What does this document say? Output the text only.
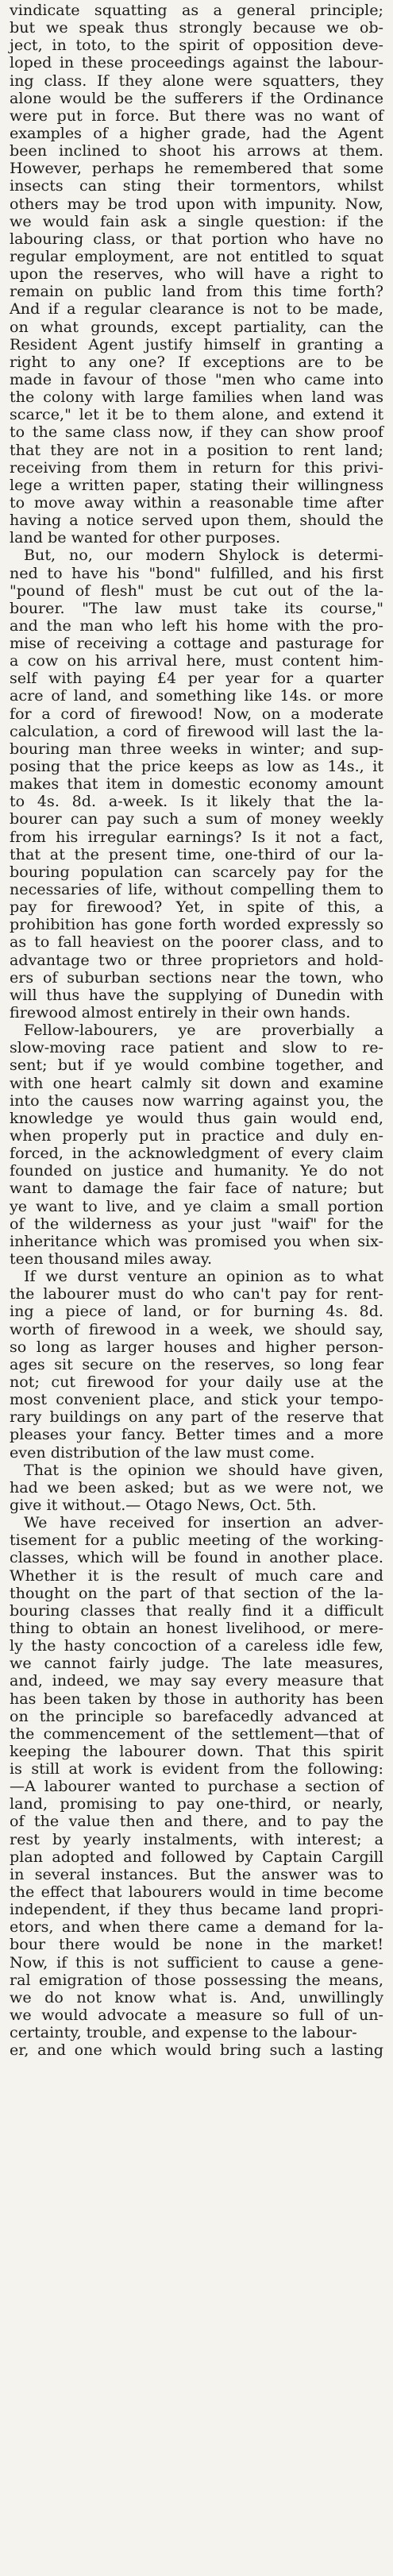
vindicate squatting as a general principle;
but we speak thus strongly because we ob-
ject, in toto, to the spirit of opposition deve-
loped in these proceedings against the labour-
ing class. If they alone were squatters, they
alone would be the sufferers if the Ordinance
were put in force. But there was no want of
examples of a higher grade, had the Agent
been inclined to shoot his arrows at them.
However, perhaps he remembered that some
insects can sting their tormentors, whilst
others may be trod upon with impunity. Now,
we would fain ask a single question: if the
labouring class, or that portion who have no
regular employment, are not entitled to squat
upon the reserves, who will have a right to
remain on public land from this time forth?
And if a regular clearance is not to be made,
on what grounds, except partiality, can the
Resident Agent justify himself in granting a
right to any one? If exceptions are to be
made in favour of those "men who came into
the colony with large families when land was
scarce," let it be to them alone, and extend it
to the same class now, if they can show proof
that they are not in a position to rent land;
receiving from them in return for this privi-
lege a written paper, stating their willingness
to move away within a reasonable time after
having a notice served upon them, should the
land be wanted for other purposes.
But, no, our modern Shylock is determi-
ned to have his "bond" fulfilled, and his first
"pound of flesh" must be cut out of the la-
bourer. "The law must take its course,"
and the man who left his home with the pro-
mise of receiving a cottage and pasturage for
a cow on his arrival here, must content him-
self with paying £4 per year for a quarter
acre of land, and something like 14s. or more
for a cord of firewood! Now, on a moderate
calculation, a cord of firewood will last the la-
bouring man three weeks in winter; and sup-
posing that the price keeps as low as 14s., it
makes that item in domestic economy amount
to 4s. 8d. a-week. Is it likely that the la-
bourer can pay such a sum of money weekly
from his irregular earnings? Is it not a fact,
that at the present time, one-third of our la-
bouring population can scarcely pay for the
necessaries of life, without compelling them to
pay for firewood? Yet, in spite of this, a
prohibition has gone forth worded expressly so
as to fall heaviest on the poorer class, and to
advantage two or three proprietors and hold-
ers of suburban sections near the town, who
will thus have the supplying of Dunedin with
firewood almost entirely in their own hands.
Fellow-labourers, ye are proverbially a
slow-moving race patient and slow to re-
sent; but if ye would combine together, and
with one heart calmly sit down and examine
into the causes now warring against you, the
knowledge ye would thus gain would end,
when properly put in practice and duly en-
forced, in the acknowledgment of every claim
founded on justice and humanity. Ye do not
want to damage the fair face of nature; but
ye want to live, and ye claim a small portion
of the wilderness as your just "waif" for the
inheritance which was promised you when six-
teen thousand miles away.
If we durst venture an opinion as to what
the labourer must do who can't pay for rent-
ing a piece of land, or for burning 4s. 8d.
worth of firewood in a week, we should say,
so long as larger houses and higher person-
ages sit secure on the reserves, so long fear
not; cut firewood for your daily use at the
most convenient place, and stick your tempo-
rary buildings on any part of the reserve that
pleases your fancy. Better times and a more
even distribution of the law must come.
That is the opinion we should have given,
had we been asked; but as we were not, we
give it without.— Otago News, Oct. 5th.
We have received for insertion an adver-
tisement for a public meeting of the working-
classes, which will be found in another place.
Whether it is the result of much care and
thought on the part of that section of the la-
bouring classes that really find it a difficult
thing to obtain an honest livelihood, or mere-
ly the hasty concoction of a careless idle few,
we cannot fairly judge. The late measures,
and, indeed, we may say every measure that
has been taken by those in authority has been
on the principle so barefacedly advanced at
the commencement of the settlement—that of
keeping the labourer down. That this spirit
is still at work is evident from the following:
—A labourer wanted to purchase a section of
land, promising to pay one-third, or nearly,
of the value then and there, and to pay the
rest by yearly instalments, with interest; a
plan adopted and followed by Captain Cargill
in several instances. But the answer was to
the effect that labourers would in time become
independent, if they thus became land propri-
etors, and when there came a demand for la-
bour there would be none in the market!
Now, if this is not sufficient to cause a gene-
ral emigration of those possessing the means,
we do not know what is. And, unwillingly
we would advocate a measure so full of un-
certainty, trouble, and expense to the labour-
er, and one which would bring such a lasting
